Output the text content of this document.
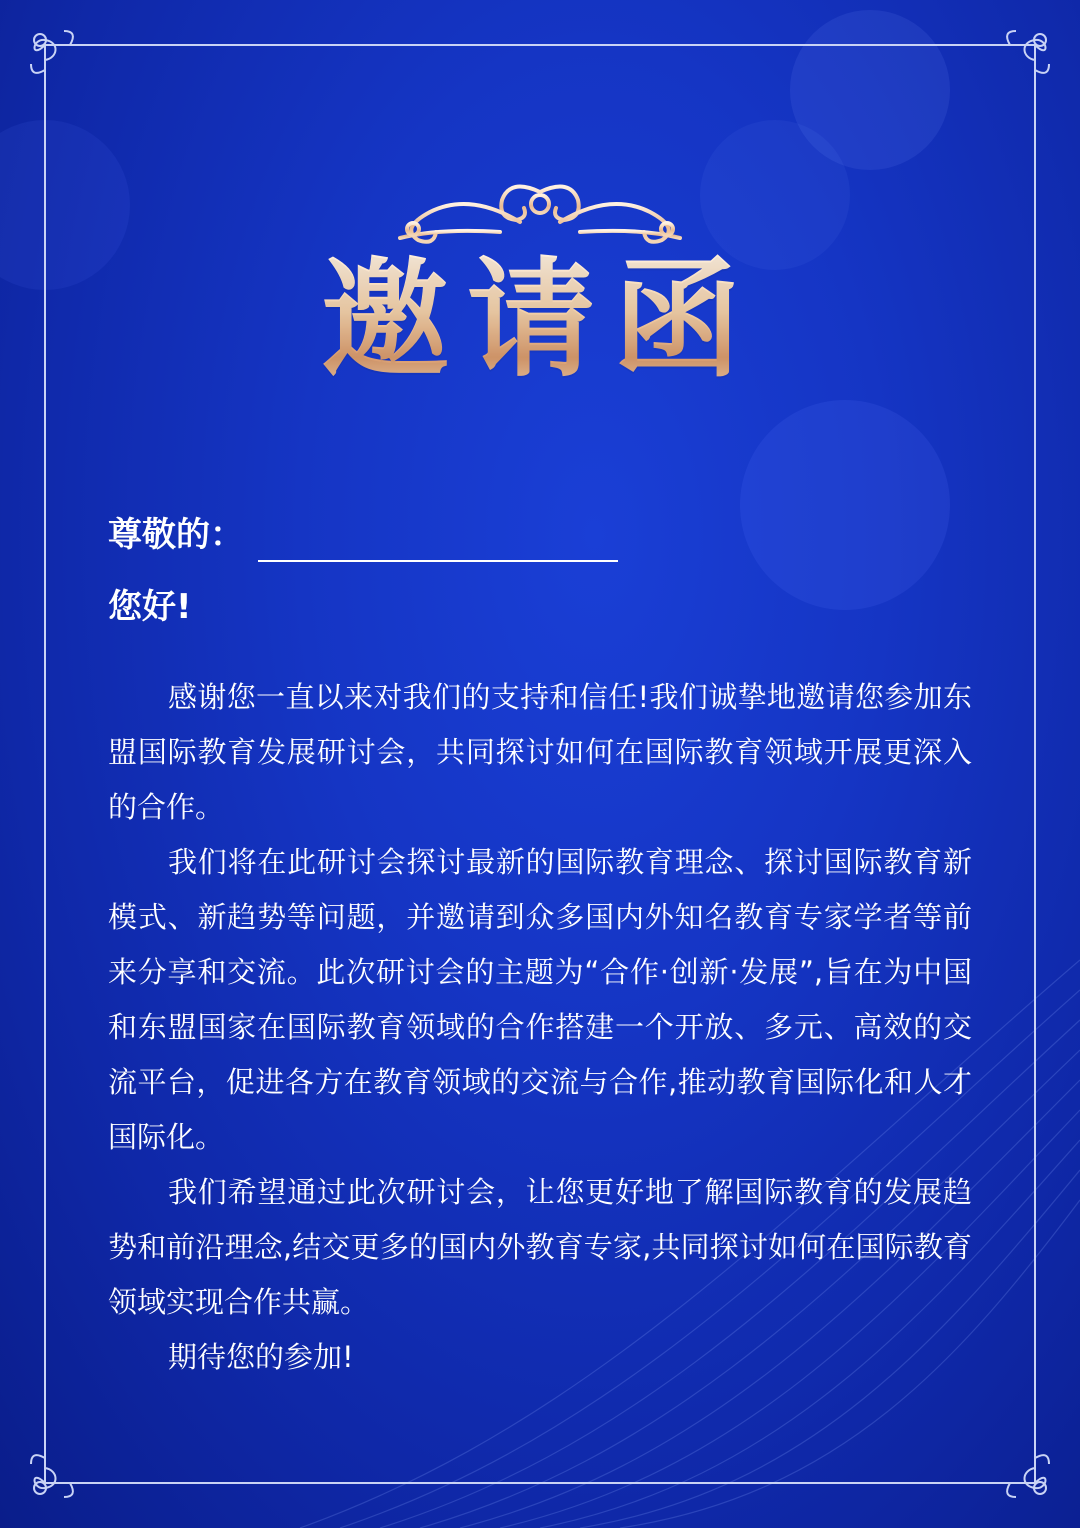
邀请函
尊敬的：
您好!

感谢您一直以来对我们的支持和信任!我们诚挚地邀请您参加东盟国际教育发展研讨会，共同探讨如何在国际教育领域开展更深入的合作。

我们将在此研讨会探讨最新的国际教育理念、探讨国际教育新模式、新趋势等问题，并邀请到众多国内外知名教育专家学者等前来分享和交流。此次研讨会的主题为“合作·创新·发展”,旨在为中国和东盟国家在国际教育领域的合作搭建一个开放、多元、高效的交流平台，促进各方在教育领域的交流与合作,推动教育国际化和人才国际化。

我们希望通过此次研讨会，让您更好地了解国际教育的发展趋势和前沿理念,结交更多的国内外教育专家,共同探讨如何在国际教育领域实现合作共赢。

期待您的参加!
